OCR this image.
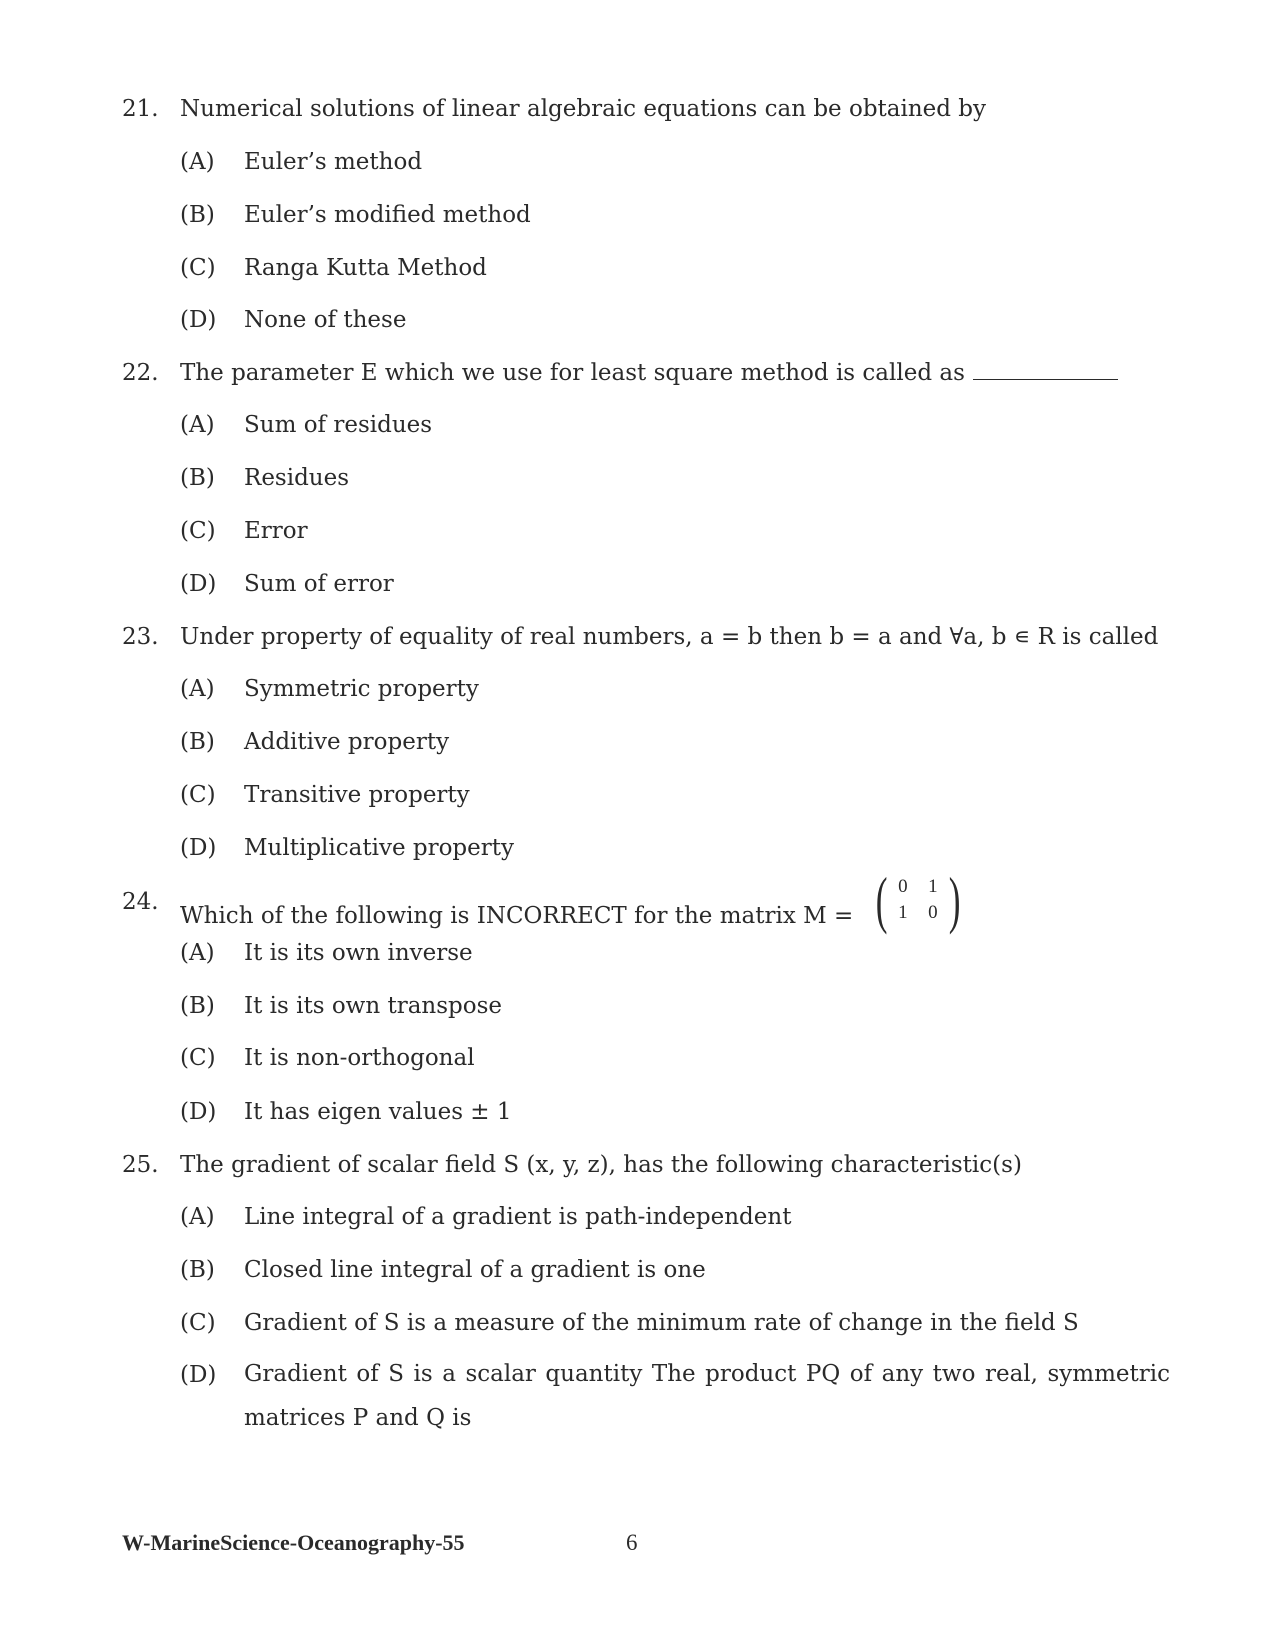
21. Numerical solutions of linear algebraic equations can be obtained by
(A)	Euler’s method
(B)	Euler’s modified method
(C)	Ranga Kutta Method
(D)	None of these
22. The parameter E which we use for least square method is called as
(A)	Sum of residues
(B)	Residues
(C)	Error
(D)	Sum of error
23. Under property of equality of real numbers, a = b then b = a and ∀a, b ∊ R is called
(A)	Symmetric property
(B)	Additive property
(C)	Transitive property
(D)	Multiplicative property
24.
Which of the following is INCORRECT for the matrix M = ( 0	1
1	0 )
(A)	It is its own inverse
(B)	It is its own transpose
(C)	It is non-orthogonal
(D)	It has eigen values ± 1
25. The gradient of scalar field S (x, y, z), has the following characteristic(s)
(A)	Line integral of a gradient is path-independent
(B)	Closed line integral of a gradient is one
(C)	Gradient of S is a measure of the minimum rate of change in the field S
(D)	Gradient of S is a scalar quantity The product PQ of any two real, symmetric matrices P and Q is
W-MarineScience-Oceanography-55	6
